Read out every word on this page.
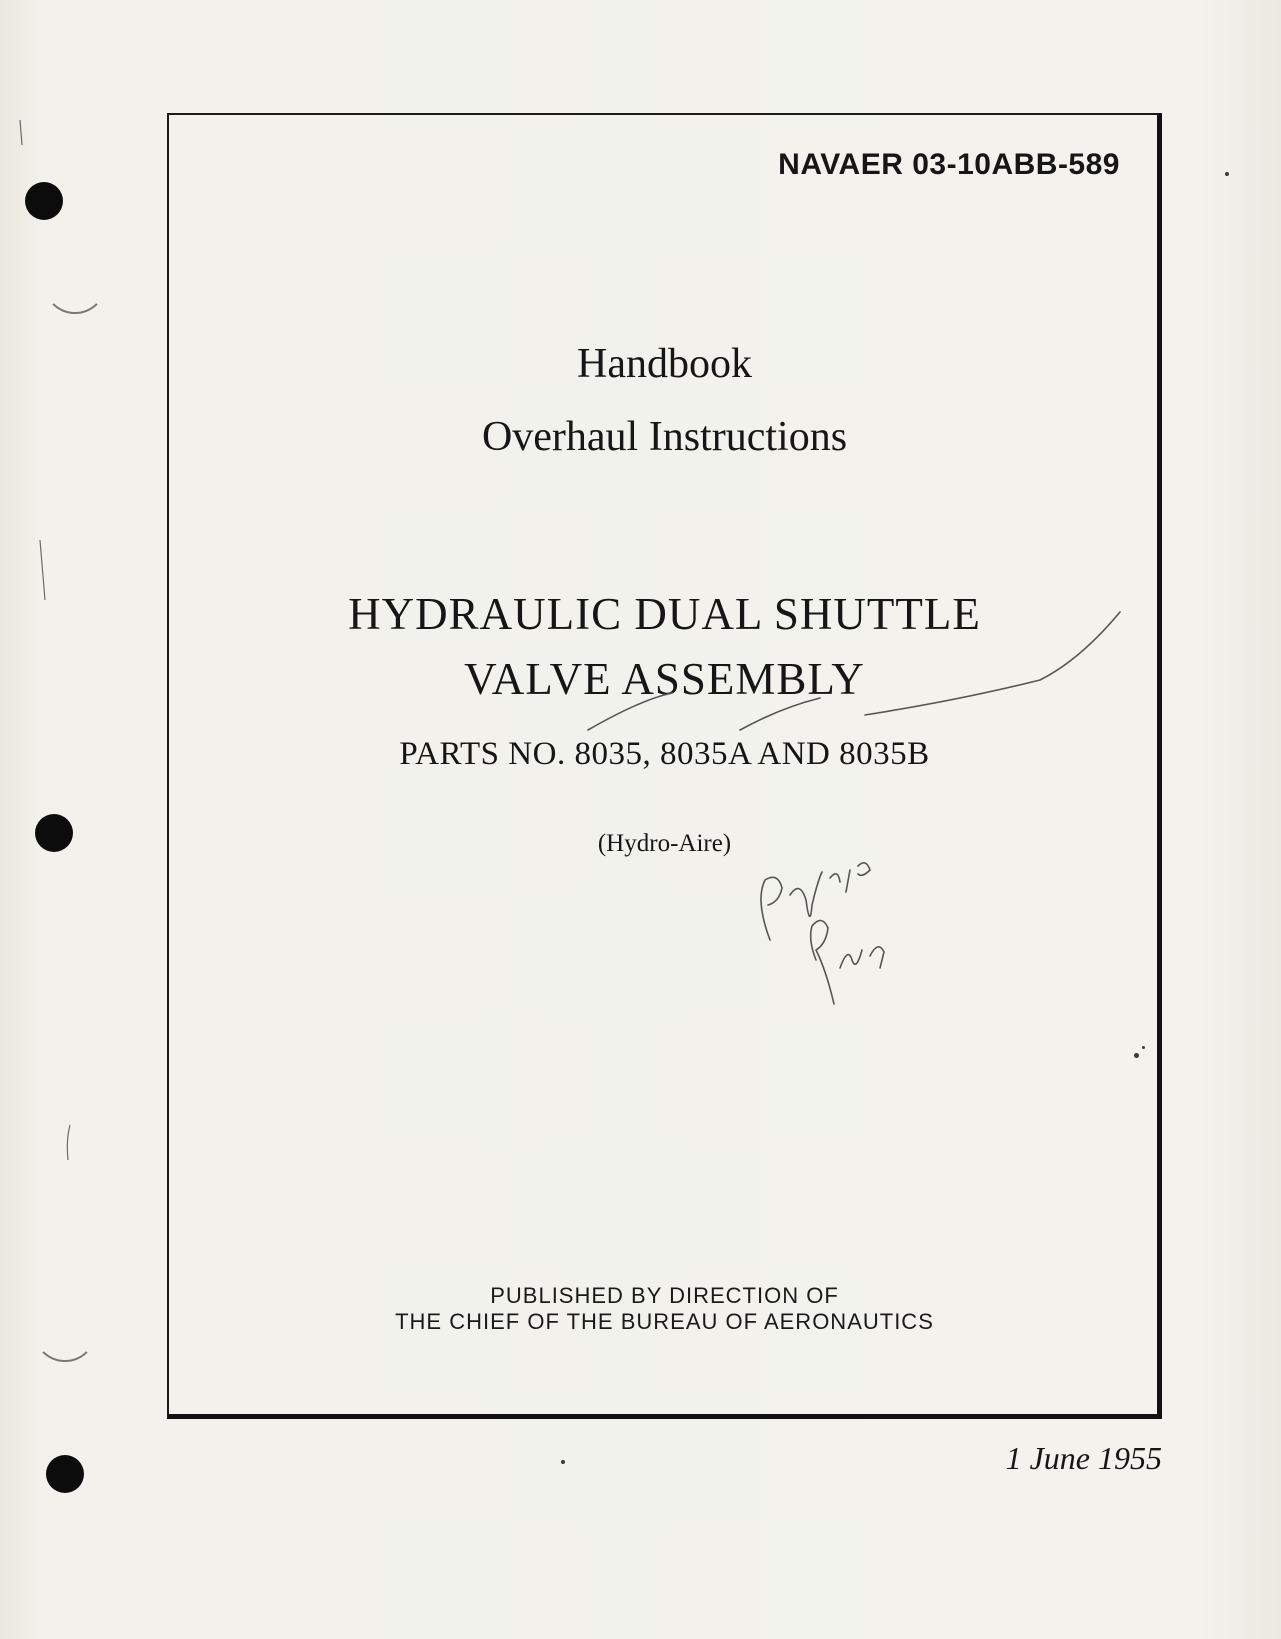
NAVAER 03-10ABB-589
Handbook
Overhaul Instructions
HYDRAULIC DUAL SHUTTLE
VALVE ASSEMBLY
PARTS NO. 8035, 8035A AND 8035B
(Hydro-Aire)
PUBLISHED BY DIRECTION OF
THE CHIEF OF THE BUREAU OF AERONAUTICS
1 June 1955
